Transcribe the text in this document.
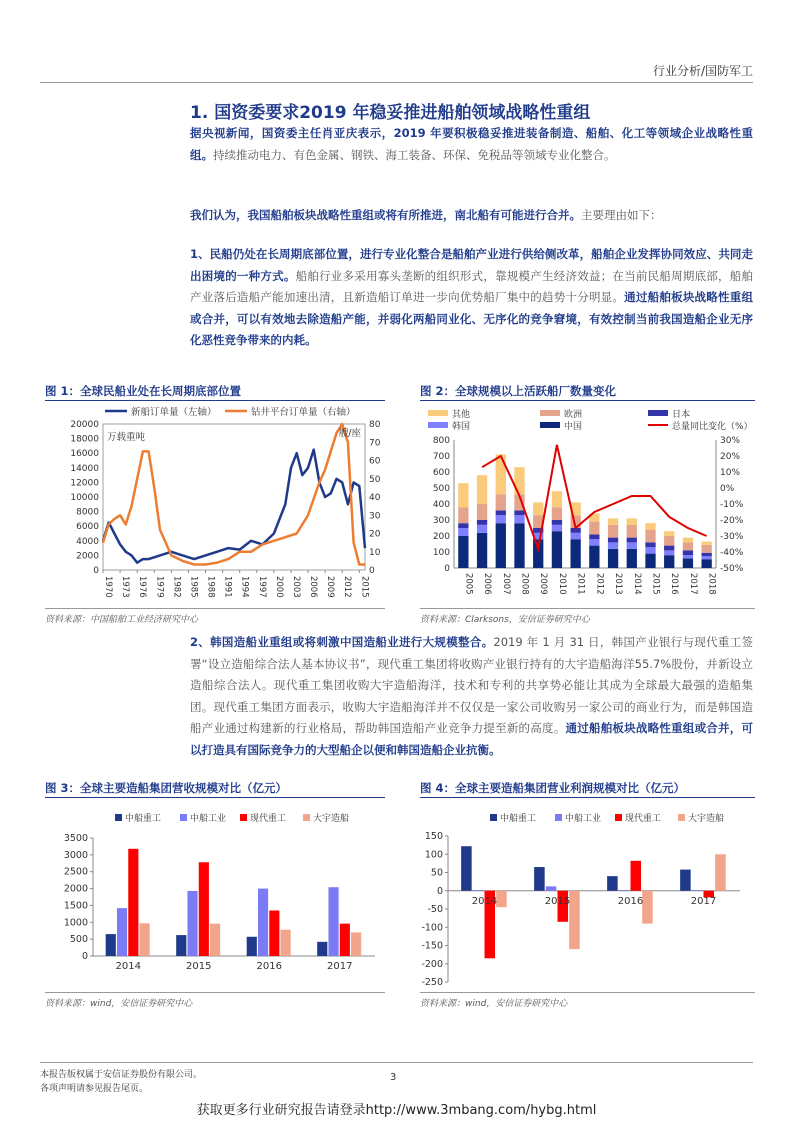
行业分析/国防军工
1. 国资委要求2019 年稳妥推进船舶领域战略性重组
据央视新闻，国资委主任肖亚庆表示，2019 年要积极稳妥推进装备制造、船舶、化工等领域企业战略性重组。持续推动电力、有色金属、钢铁、海工装备、环保、免税品等领域专业化整合。
我们认为，我国船舶板块战略性重组或将有所推进，南北船有可能进行合并。主要理由如下：
1、民船仍处在长周期底部位置，进行专业化整合是船舶产业进行供给侧改革，船舶企业发挥协同效应、共同走出困境的一种方式。船舶行业多采用寡头垄断的组织形式，靠规模产生经济效益；在当前民船周期底部，船舶产业落后造船产能加速出清，且新造船订单进一步向优势船厂集中的趋势十分明显。通过船舶板块战略性重组或合并，可以有效地去除造船产能，并弱化两船同业化、无序化的竞争窘境，有效控制当前我国造船企业无序化恶性竞争带来的内耗。
图 1：全球民船业处在长周期底部位置
0
2000
4000
6000
8000
10000
12000
14000
16000
18000
20000
0
10
20
30
40
50
60
70
80
1970 1973 1976 1979 1982 1985 1988 1991 1994 1997 2000 2003 2006 2009 2012 2015
新船订单量（左轴）	钻井平台订单量（右轴）
万载重吨	艘/座
资料来源：中国船舶工业经济研究中心
图 2：全球规模以上活跃船厂数量变化
中国
韩国
日本
欧洲
其他
总量同比变化（%）
0
100
200
300
400
500
600
700
800	30%
20%
10%
0%
-10%
-20%
-30%
-40%
-50%
2005 2006 2007 2008 2009 2010 2011 2012 2013 2014 2015 2016 2017 2018
资料来源：Clarksons，安信证券研究中心
2、韩国造船业重组或将刺激中国造船业进行大规模整合。2019 年 1 月 31 日，韩国产业银行与现代重工签署“设立造船综合法人基本协议书”，现代重工集团将收购产业银行持有的大宇造船海洋55.7%股份，并新设立造船综合法人。现代重工集团收购大宇造船海洋，技术和专利的共享势必能让其成为全球最大最强的造船集团。现代重工集团方面表示，收购大宇造船海洋并不仅仅是一家公司收购另一家公司的商业行为，而是韩国造船产业通过构建新的行业格局，帮助韩国造船产业竞争力提至新的高度。通过船舶板块战略性重组或合并，可以打造具有国际竞争力的大型船企以便和韩国造船企业抗衡。
图 3：全球主要造船集团营收规模对比（亿元）
中船重工	中船工业	现代重工	大宇造船
0
500
1000
1500
2000
2500
3000
3500
2014	2015	2016	2017
资料来源：wind，安信证券研究中心
图 4：全球主要造船集团营业利润规模对比（亿元）
中船重工	中船工业	现代重工	大宇造船
150
100
50
0
-50
-100
-150
-200
-250
2014	2015	2016	2017
资料来源：wind，安信证券研究中心
本报告版权属于安信证券股份有限公司。
各项声明请参见报告尾页。
3
获取更多行业研究报告请登录http://www.3mbang.com/hybg.html
